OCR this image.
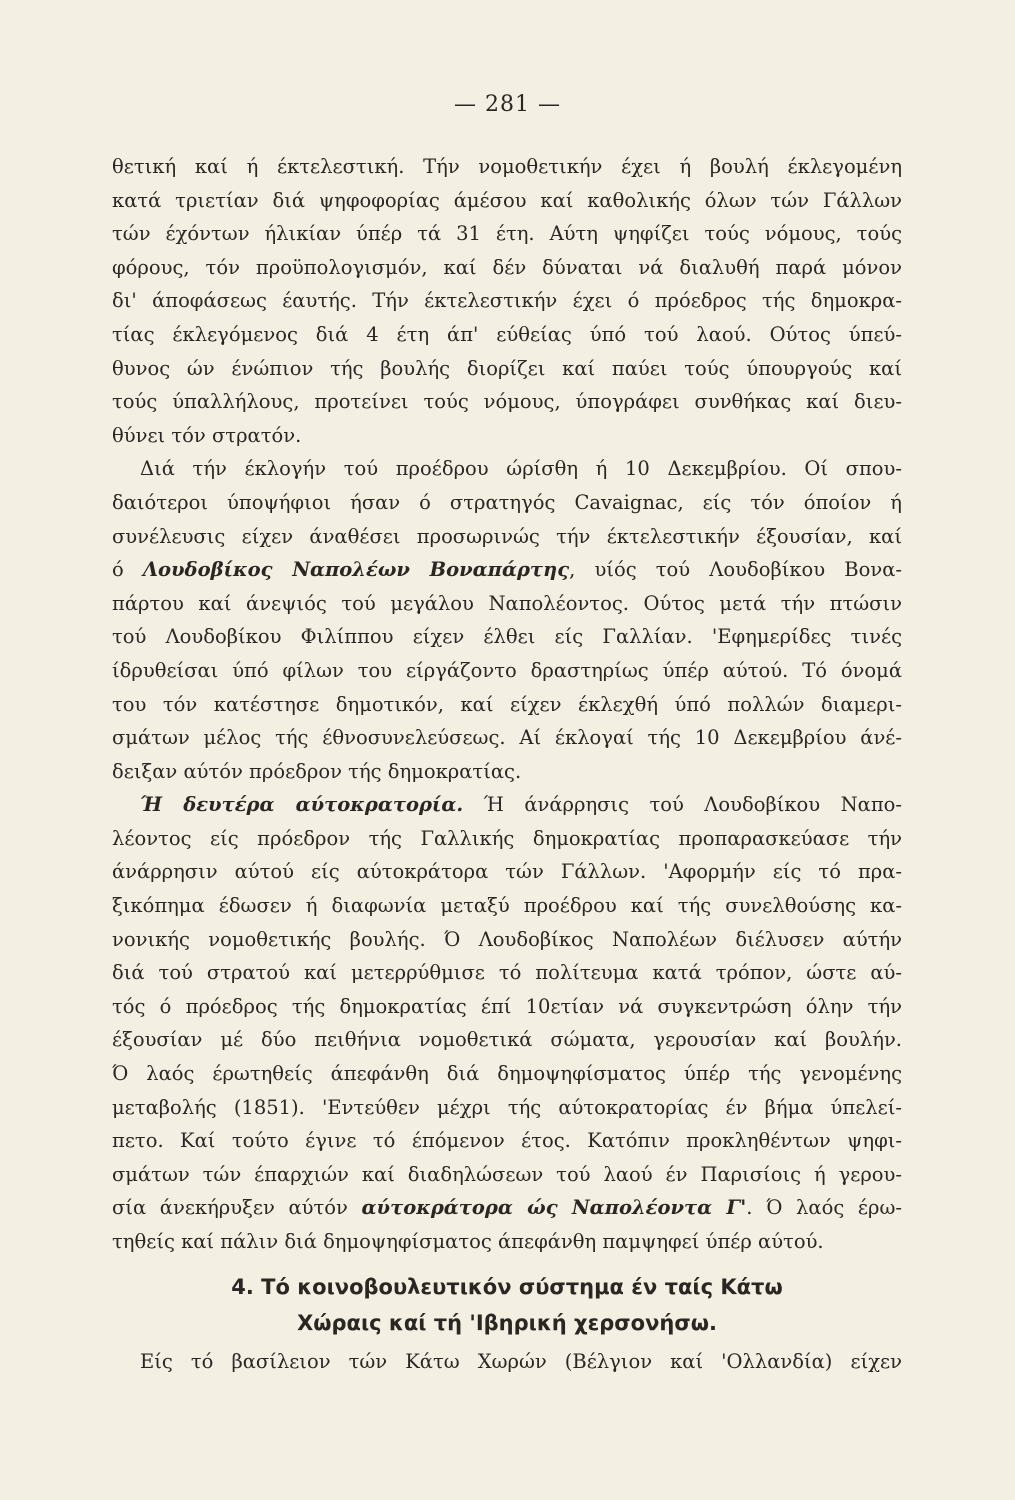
— 281 —
θετική καί ή έκτελεστική. Τήν νομοθετικήν έχει ή βουλή έκλεγομένη
κατά τριετίαν διά ψηφοφορίας άμέσου καί καθολικής όλων τών Γάλλων
τών έχόντων ήλικίαν ύπέρ τά 31 έτη. Αύτη ψηφίζει τούς νόμους, τούς
φόρους, τόν προϋπολογισμόν, καί δέν δύναται νά διαλυθή παρά μόνον
δι' άποφάσεως έαυτής. Τήν έκτελεστικήν έχει ό πρόεδρος τής δημοκρα-
τίας έκλεγόμενος διά 4 έτη άπ' εύθείας ύπό τού λαού. Ούτος ύπεύ-
θυνος ών ένώπιον τής βουλής διορίζει καί παύει τούς ύπουργούς καί
τούς ύπαλλήλους, προτείνει τούς νόμους, ύπογράφει συνθήκας καί διευ-
θύνει τόν στρατόν.
Διά τήν έκλογήν τού προέδρου ώρίσθη ή 10 Δεκεμβρίου. Οί σπου-
δαιότεροι ύποψήφιοι ήσαν ό στρατηγός Cavaignac, είς τόν όποίον ή
συνέλευσις είχεν άναθέσει προσωρινώς τήν έκτελεστικήν έξουσίαν, καί
ό Λουδοβίκος Ναπολέων Βοναπάρτης, υίός τού Λουδοβίκου Βονα-
πάρτου καί άνεψιός τού μεγάλου Ναπολέοντος. Ούτος μετά τήν πτώσιν
τού Λουδοβίκου Φιλίππου είχεν έλθει είς Γαλλίαν. 'Εφημερίδες τινές
ίδρυθείσαι ύπό φίλων του είργάζοντο δραστηρίως ύπέρ αύτού. Τό όνομά
του τόν κατέστησε δημοτικόν, καί είχεν έκλεχθή ύπό πολλών διαμερι-
σμάτων μέλος τής έθνοσυνελεύσεως. Αί έκλογαί τής 10 Δεκεμβρίου άνέ-
δειξαν αύτόν πρόεδρον τής δημοκρατίας.
Ή δευτέρα αύτοκρατορία. Ή άνάρρησις τού Λουδοβίκου Ναπο-
λέοντος είς πρόεδρον τής Γαλλικής δημοκρατίας προπαρασκεύασε τήν
άνάρρησιν αύτού είς αύτοκράτορα τών Γάλλων. 'Αφορμήν είς τό πρα-
ξικόπημα έδωσεν ή διαφωνία μεταξύ προέδρου καί τής συνελθούσης κα-
νονικής νομοθετικής βουλής. Ό Λουδοβίκος Ναπολέων διέλυσεν αύτήν
διά τού στρατού καί μετερρύθμισε τό πολίτευμα κατά τρόπον, ώστε αύ-
τός ό πρόεδρος τής δημοκρατίας έπί 10ετίαν νά συγκεντρώση όλην τήν
έξουσίαν μέ δύο πειθήνια νομοθετικά σώματα, γερουσίαν καί βουλήν.
Ό λαός έρωτηθείς άπεφάνθη διά δημοψηφίσματος ύπέρ τής γενομένης
μεταβολής (1851). 'Εντεύθεν μέχρι τής αύτοκρατορίας έν βήμα ύπελεί-
πετο. Καί τούτο έγινε τό έπόμενον έτος. Κατόπιν προκληθέντων ψηφι-
σμάτων τών έπαρχιών καί διαδηλώσεων τού λαού έν Παρισίοις ή γερου-
σία άνεκήρυξεν αύτόν αύτοκράτορα ώς Ναπολέοντα Γ'. Ό λαός έρω-
τηθείς καί πάλιν διά δημοψηφίσματος άπεφάνθη παμψηφεί ύπέρ αύτού.
4. Τό κοινοβουλευτικόν σύστημα έν ταίς Κάτω
Χώραις καί τή 'Ιβηρική χερσονήσω.
Είς τό βασίλειον τών Κάτω Χωρών (Βέλγιον καί 'Ολλανδία) είχεν
